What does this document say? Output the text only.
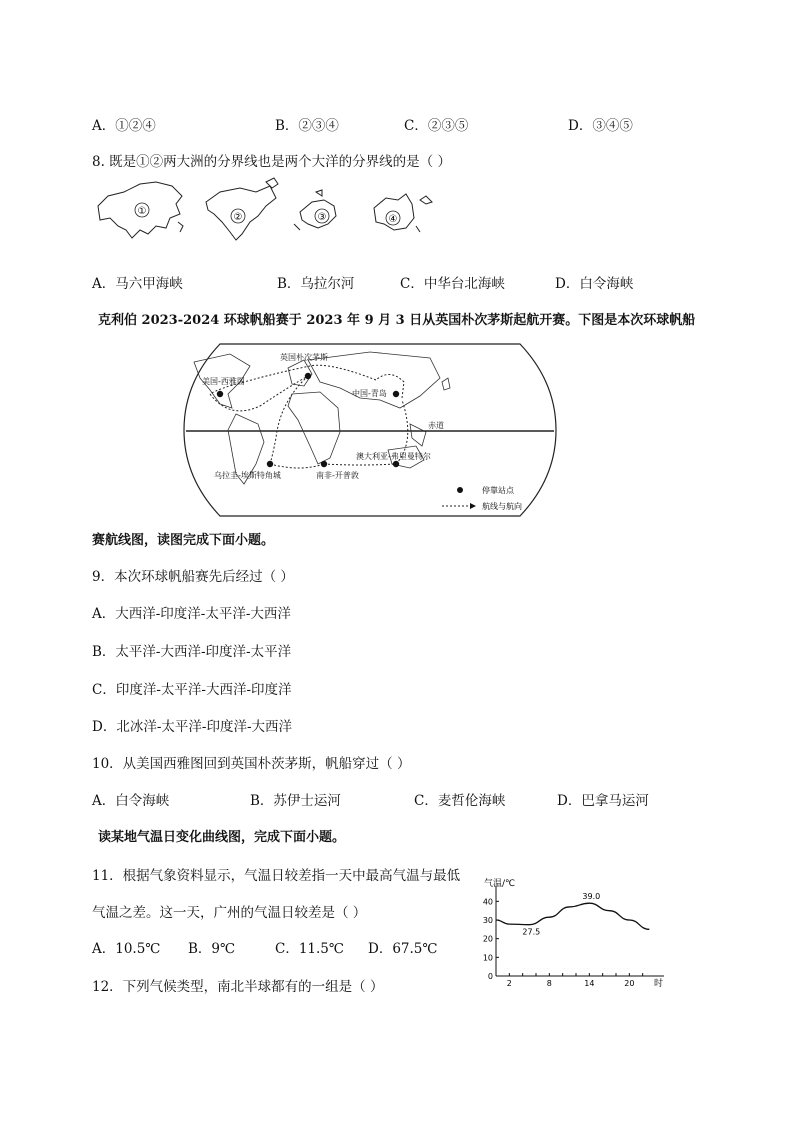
A．①②④	B．②③④	C．②③⑤	D．③④⑤
8. 既是①②两大洲的分界线也是两个大洋的分界线的是（ ）
①
②	③	④
A．马六甲海峡	B．乌拉尔河	C．中华台北海峡	D．白令海峡
克利伯 2023-2024 环球帆船赛于 2023 年 9 月 3 日从英国朴次茅斯起航开赛。下图是本次环球帆船
英国朴次茅斯
美国-西雅图
中国-青岛
赤道
澳大利亚-弗里曼特尔
乌拉圭-埃斯特角城	南非-开普敦
停靠站点
航线与航向
赛航线图，读图完成下面小题。
9．本次环球帆船赛先后经过（ ）
A．大西洋-印度洋-太平洋-大西洋
B．太平洋-大西洋-印度洋-太平洋
C．印度洋-太平洋-大西洋-印度洋
D．北冰洋-太平洋-印度洋-大西洋
10．从美国西雅图回到英国朴茨茅斯，帆船穿过（ ）
A．白令海峡	B．苏伊士运河	C．麦哲伦海峡	D．巴拿马运河
读某地气温日变化曲线图，完成下面小题。
11．根据气象资料显示，气温日较差指一天中最高气温与最低
气温之差。这一天，广州的气温日较差是（ ）
A．10.5℃ B．9℃	C．11.5℃ D．67.5℃
12．下列气候类型，南北半球都有的一组是（ ）
气温/℃
时
0
10
20
30
40
2	8	14	20
27.5
39.0
